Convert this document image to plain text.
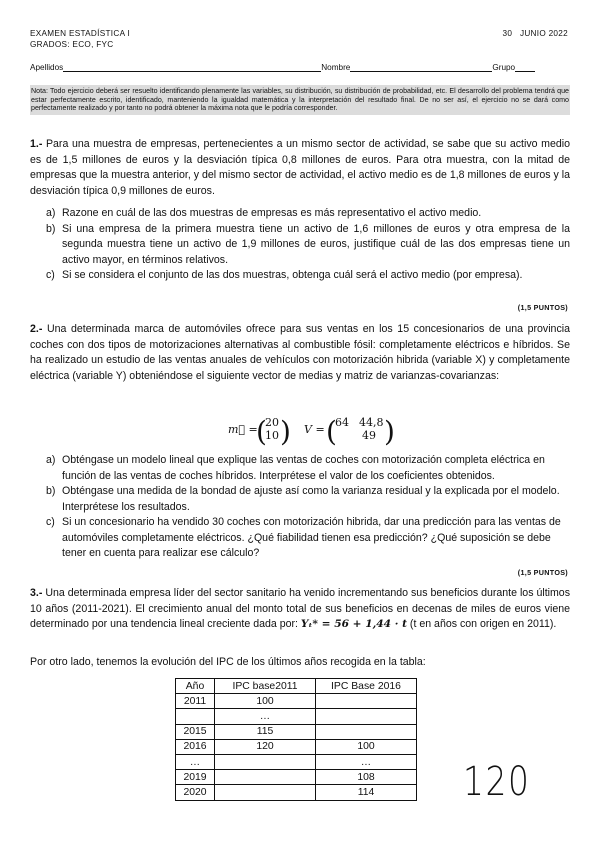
EXAMEN ESTADÍSTICA I
GRADOS: ECO, FYC
30   JUNIO 2022
Apellidos	Nombre	Grupo
Nota: Todo ejercicio deberá ser resuelto identificando plenamente las variables, su distribución, su distribución de probabilidad, etc. El desarrollo del problema tendrá que estar perfectamente escrito, identificado, manteniendo la igualdad matemática y la interpretación del resultado final. De no ser así, el ejercicio no se dará como perfectamente realizado y por tanto no podrá obtener la máxima nota que le podría corresponder.
1.- Para una muestra de empresas, pertenecientes a un mismo sector de actividad, se sabe que su activo medio es de 1,5 millones de euros y la desviación típica 0,8 millones de euros. Para otra muestra, con la mitad de empresas que la muestra anterior, y del mismo sector de actividad, el activo medio es de 1,8 millones de euros y la desviación típica 0,9 millones de euros.
a) Razone en cuál de las dos muestras de empresas es más representativo el activo medio.
b) Si una empresa de la primera muestra tiene un activo de 1,6 millones de euros y otra empresa de la segunda muestra tiene un activo de 1,9 millones de euros, justifique cuál de las dos empresas tiene un activo mayor, en términos relativos.
c) Si se considera el conjunto de las dos muestras, obtenga cuál será el activo medio (por empresa).
(1,5 PUNTOS)
2.- Una determinada marca de automóviles ofrece para sus ventas en los 15 concesionarios de una provincia coches con dos tipos de motorizaciones alternativas al combustible fósil: completamente eléctricos e híbridos. Se ha realizado un estudio de las ventas anuales de vehículos con motorización hibrida (variable X) y completamente eléctrica (variable Y) obteniéndose el siguiente vector de medias y matriz de varianzas-covarianzas:
m⃗ =
(
20
10 ) V = (
64 44,8
49 )
a) Obténgase un modelo lineal que explique las ventas de coches con motorización completa eléctrica en función de las ventas de coches híbridos. Interprétese el valor de los coeficientes obtenidos.
b) Obténgase una medida de la bondad de ajuste así como la varianza residual y la explicada por el modelo. Interprétese los resultados.
c) Si un concesionario ha vendido 30 coches con motorización hibrida, dar una predicción para las ventas de automóviles completamente eléctricos. ¿Qué fiabilidad tienen esa predicción? ¿Qué suposición se debe tener en cuenta para realizar ese cálculo?
(1,5 PUNTOS)
3.- Una determinada empresa líder del sector sanitario ha venido incrementando sus beneficios durante los últimos 10 años (2011-2021). El crecimiento anual del monto total de sus beneficios en decenas de miles de euros viene determinado por una tendencia lineal creciente dada por: Yₜ* = 56 + 1,44 · t (t en años con origen en 2011).
Por otro lado, tenemos la evolución del IPC de los últimos años recogida en la tabla:
Año	IPC base2011	IPC Base 2016
2011	100	
	…	
2015	115	
2016	120	100
…		…
2019		108
2020		114 120
